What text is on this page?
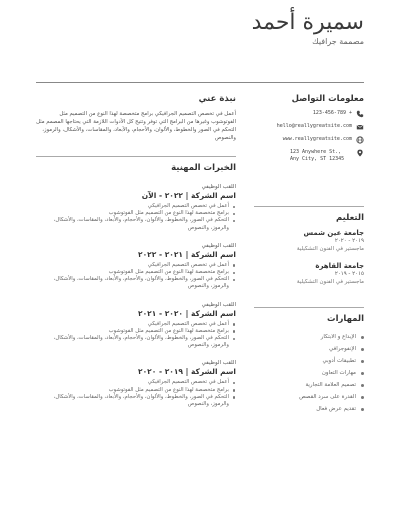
سميرة أحمد
مصممة جرافيك
معلومات التواصل
123-456-789 +
hello@reallygreatsite.com
www.reallygreatsite.com
123 Anywhere St., Any City, ST 12345
التعليم
جامعة عين شمس
٢٠١٩ - ٢٠٢٠
ماجستير في الفنون التشكيلية
جامعة القاهرة
٢٠١٥ - ٢٠١٩
ماجستير في الفنون التشكيلية
المهارات
الإبداع و الابتكار
الإنفوجرافي
تطبيقات أدوبي
مهارات التعاون
تصميم العلامة التجارية
القدرة على سرد القصص
تقديم عرض فعال
نبذة عني
أعمل في تخصص التصميم الجرافيكي برامج متخصصة لهذا النوع من التصميم مثل الفوتوشوب وغيرها من البرامج التي توفر وتتيح كل الأدوات اللازمة التي يحتاجها المصمم مثل التحكم في الصور والخطوط، والألوان، والأحجام، والأبعاد، والمقاسات، والأشكال، والرموز، والنصوص
الخبرات المهنية
اللقب الوظيفي
اسم الشركة | ٢٠٢٢ - الآن
أعمل في تخصص التصميم الجرافيكي
برامج متخصصة لهذا النوع من التصميم مثل الفوتوشوب
التحكم في الصور، والخطوط، والألوان، والأحجام، والأبعاد، والمقاسات، والأشكال، والرموز، والنصوص
اللقب الوظيفي
اسم الشركة | ٢٠٢١ - ٢٠٢٢
أعمل في تخصص التصميم الجرافيكي
برامج متخصصة لهذا النوع من التصميم مثل الفوتوشوب
التحكم في الصور، والخطوط، والألوان، والأحجام، والأبعاد، والمقاسات، والأشكال، والرموز، والنصوص
اللقب الوظيفي
اسم الشركة | ٢٠٢٠ - ٢٠٢١
أعمل في تخصص التصميم الجرافيكي
برامج متخصصة لهذا النوع من التصميم مثل الفوتوشوب
التحكم في الصور، والخطوط، والألوان، والأحجام، والأبعاد، والمقاسات، والأشكال، والرموز، والنصوص
اللقب الوظيفي
اسم الشركة | ٢٠١٩ - ٢٠٢٠
أعمل في تخصص التصميم الجرافيكي
برامج متخصصة لهذا النوع من التصميم مثل الفوتوشوب
التحكم في الصور، والخطوط، والألوان، والأحجام، والأبعاد، والمقاسات، والأشكال، والرموز، والنصوص
